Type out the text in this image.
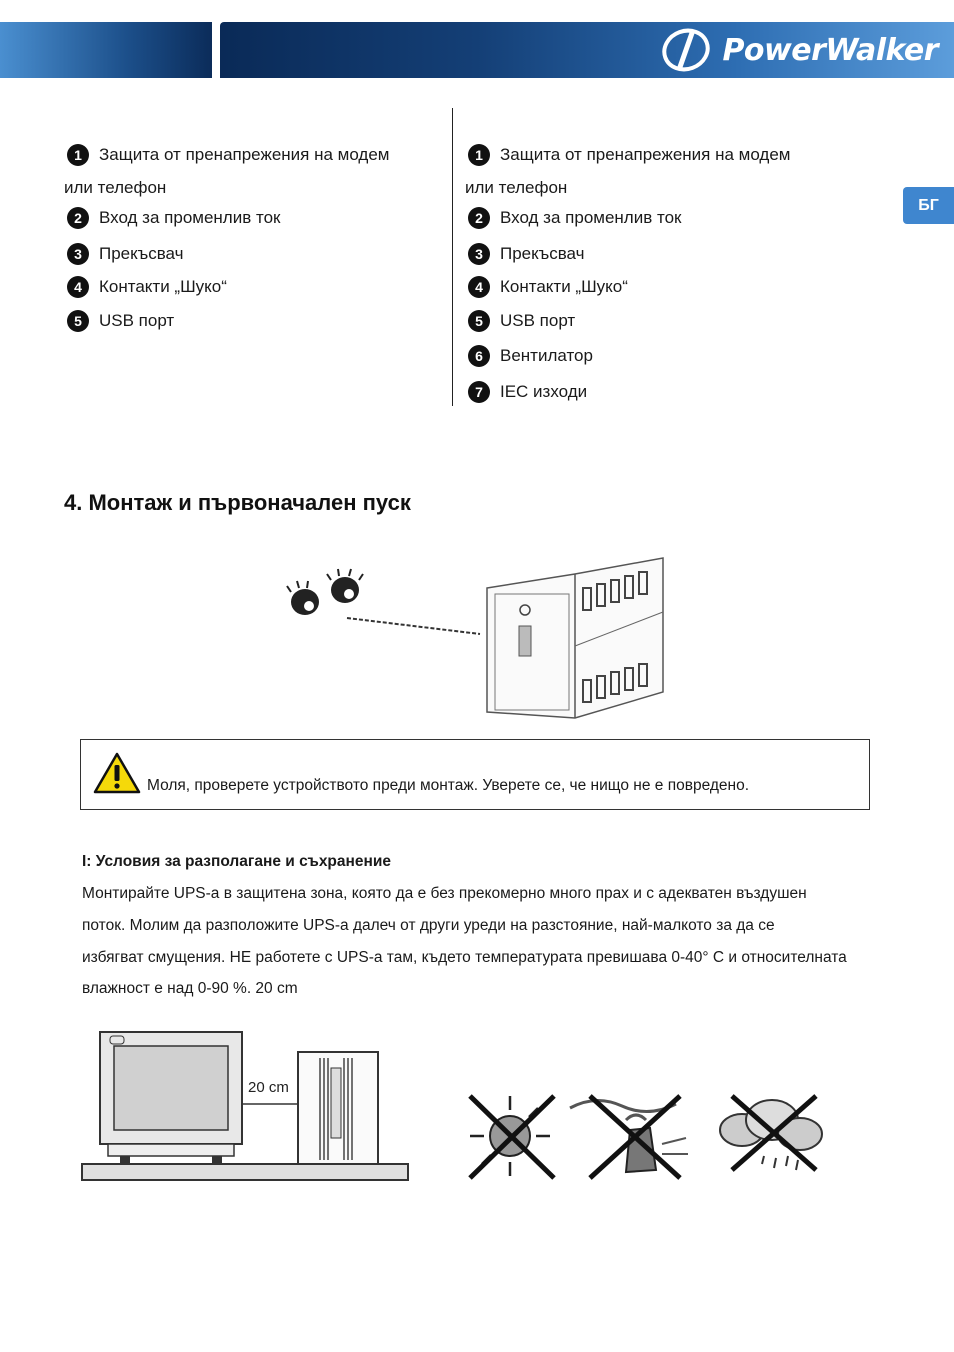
PowerWalker
БГ
1	Защита от пренапрежения на модем
или телефон
2	Вход за променлив ток
3	Прекъсвач
4	Контакти „Шуко“
5	USB порт
1	Защита от пренапрежения на модем
или телефон
2	Вход за променлив ток
3	Прекъсвач
4	Контакти „Шуко“
5	USB порт
6	Вентилатор
7	IEC изходи
4. Монтаж и първоначален пуск
Моля, проверете устройството преди монтаж. Уверете се, че нищо не е повредено.
I: Условия за разполагане и съхранение
Монтирайте UPS-а в защитена зона, която да е без прекомерно много прах и с адекватен въздушен
поток. Молим да разположите UPS-а далеч от други уреди на разстояние, най-малкото за да се
избягват смущения. НЕ работете с UPS-а там, където температурата превишава 0-40° C и относителната
влажност е над 0-90 %. 20 cm
20 cm
